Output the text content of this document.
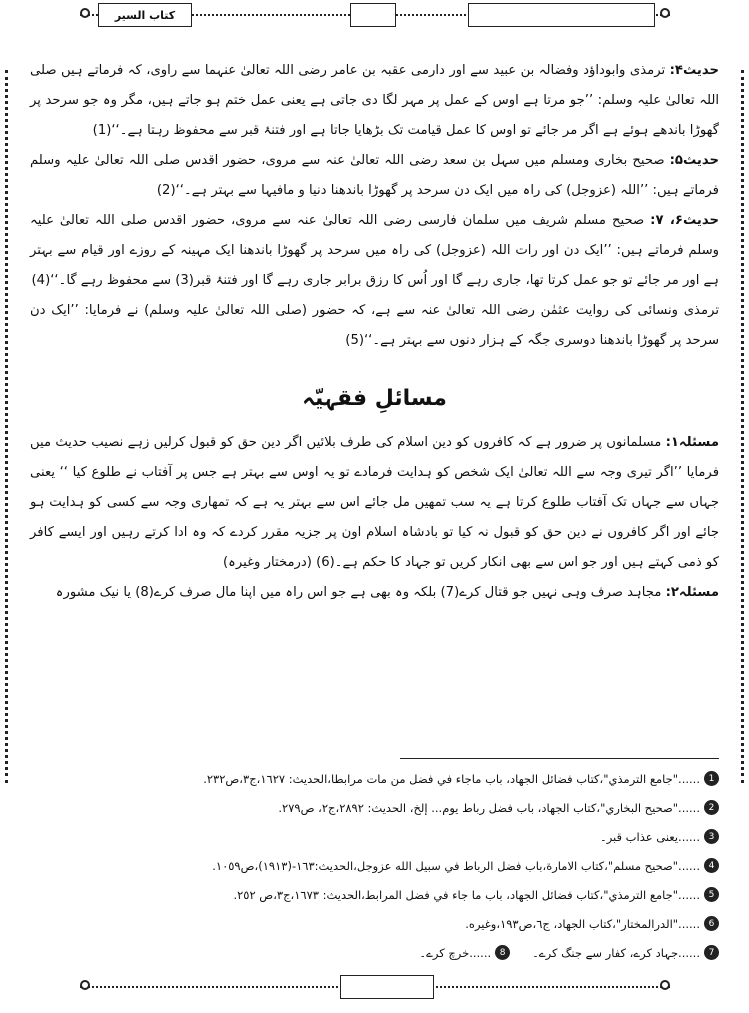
كتاب السير

حدیث۴: ترمذی وابوداؤد وفضالہ بن عبید سے اور دارمی عقبہ بن عامر رضی اللہ تعالیٰ عنہما سے راوی، کہ فرماتے ہیں صلی اللہ تعالیٰ علیہ وسلم: ’’جو مرتا ہے اوس کے عمل پر مہر لگا دی جاتی ہے یعنی عمل ختم ہو جاتے ہیں، مگر وہ جو سرحد پر گھوڑا باندھے ہوئے ہے اگر مر جائے تو اوس کا عمل قیامت تک بڑھایا جاتا ہے اور فتنۂ قبر سے محفوظ رہتا ہے۔‘‘(1)

حدیث۵: صحیح بخاری ومسلم میں سہل بن سعد رضی اللہ تعالیٰ عنہ سے مروی، حضور اقدس صلی اللہ تعالیٰ علیہ وسلم فرماتے ہیں: ’’اللہ (عزوجل) کی راہ میں ایک دن سرحد پر گھوڑا باندھنا دنیا و مافیہا سے بہتر ہے۔‘‘(2)

حدیث۶، ۷: صحیح مسلم شریف میں سلمان فارسی رضی اللہ تعالیٰ عنہ سے مروی، حضور اقدس صلی اللہ تعالیٰ علیہ وسلم فرماتے ہیں: ’’ایک دن اور رات اللہ (عزوجل) کی راہ میں سرحد پر گھوڑا باندھنا ایک مہینہ کے روزے اور قیام سے بہتر ہے اور مر جائے تو جو عمل کرتا تھا، جاری رہے گا اور اُس کا رزق برابر جاری رہے گا اور فتنۂ قبر(3) سے محفوظ رہے گا۔‘‘(4)

ترمذی ونسائی کی روایت عثمٰن رضی اللہ تعالیٰ عنہ سے ہے، کہ حضور (صلی اللہ تعالیٰ علیہ وسلم) نے فرمایا: ’’ایک دن سرحد پر گھوڑا باندھنا دوسری جگہ کے ہزار دنوں سے بہتر ہے۔‘‘(5)

مسائلِ فقہیّہ

مسئلہ۱: مسلمانوں پر ضرور ہے کہ کافروں کو دین اسلام کی طرف بلائیں اگر دین حق کو قبول کرلیں زہے نصیب حدیث میں فرمایا ’’اگر تیری وجہ سے اللہ تعالیٰ ایک شخص کو ہدایت فرمادے تو یہ اوس سے بہتر ہے جس پر آفتاب نے طلوع کیا ‘‘ یعنی جہاں سے جہاں تک آفتاب طلوع کرتا ہے یہ سب تمھیں مل جائے اس سے بہتر یہ ہے کہ تمھاری وجہ سے کسی کو ہدایت ہو جائے اور اگر کافروں نے دین حق کو قبول نہ کیا تو بادشاہ اسلام اون پر جزیہ مقرر کردے کہ وہ ادا کرتے رہیں اور ایسے کافر کو ذمی کہتے ہیں اور جو اس سے بھی انکار کریں تو جہاد کا حکم ہے۔(6) (درمختار وغیرہ)

مسئلہ۲: مجاہد صرف وہی نہیں جو قتال کرے(7) بلکہ وہ بھی ہے جو اس راہ میں اپنا مال صرف کرے(8) یا نیک مشورہ

1
......"جامع الترمذي"،كتاب فضائل الجهاد، باب ماجاء في فضل من مات مرابطا،الحديث: ١٦٢٧،ج٣،ص٢٣٢.
2
......"صحيح البخاري"،كتاب الجهاد، باب فضل رباط يوم... إلخ، الحديث: ٢٨٩٢،ج٢، ص٢٧٩.
3
......یعنی عذاب قبر۔
4
......"صحيح مسلم"،كتاب الامارة،باب فضل الرباط في سبيل الله عزوجل،الحديث:١٦٣-(١٩١٣)،ص١٠٥٩.
5
......"جامع الترمذي"،كتاب فضائل الجهاد، باب ما جاء في فضل المرابط،الحديث: ١٦٧٣،ج٣،ص ٢٥٢.
6
......"الدرالمختار"،كتاب الجهاد، ج٦،ص١٩٣،وغيره.
7
......جہاد کرے، کفار سے جنگ کرے۔
8
......خرچ کرے۔
